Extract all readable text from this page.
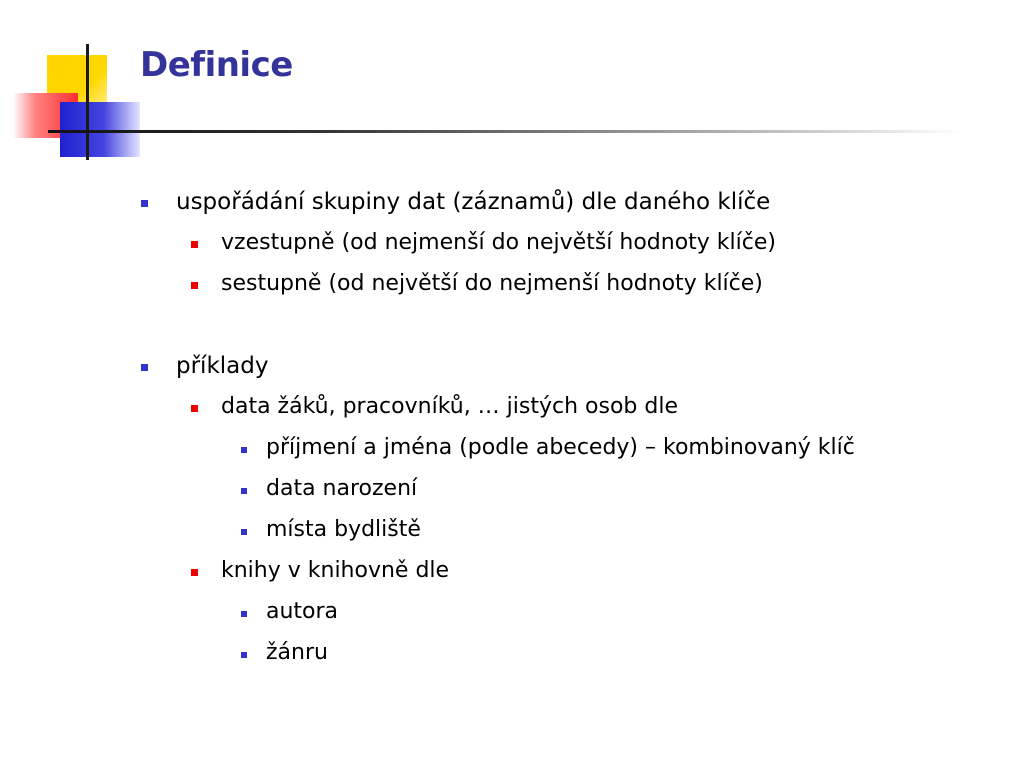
Definice
uspořádání skupiny dat (záznamů) dle daného klíče
vzestupně (od nejmenší do největší hodnoty klíče)
sestupně (od největší do nejmenší hodnoty klíče)
příklady
data žáků, pracovníků, … jistých osob dle
příjmení a jména (podle abecedy) – kombinovaný klíč
data narození
místa bydliště
knihy v knihovně dle
autora
žánru
